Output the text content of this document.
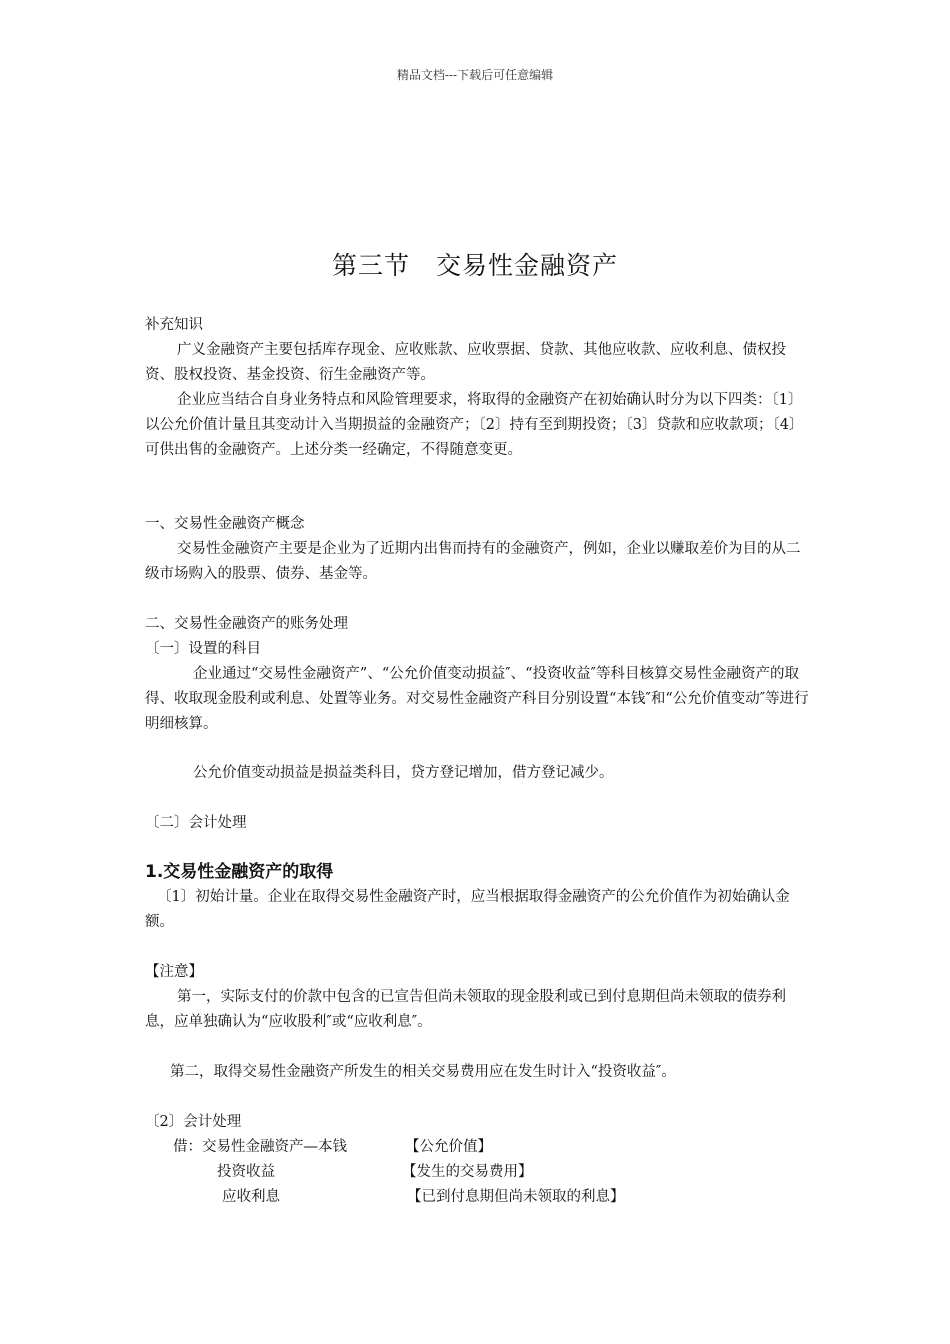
精品文档---下载后可任意编辑
第三节　交易性金融资产

补充知识

广义金融资产主要包括库存现金、应收账款、应收票据、贷款、其他应收款、应收利息、债权投资、股权投资、基金投资、衍生金融资产等。

企业应当结合自身业务特点和风险管理要求，将取得的金融资产在初始确认时分为以下四类：〔1〕以公允价值计量且其变动计入当期损益的金融资产；〔2〕持有至到期投资；〔3〕贷款和应收款项；〔4〕可供出售的金融资产。上述分类一经确定，不得随意变更。

一、交易性金融资产概念

交易性金融资产主要是企业为了近期内出售而持有的金融资产，例如，企业以赚取差价为目的从二级市场购入的股票、债券、基金等。

二、交易性金融资产的账务处理

〔一〕设置的科目

企业通过“交易性金融资产”、“公允价值变动损益″、“投资收益″等科目核算交易性金融资产的取得、收取现金股利或利息、处置等业务。对交易性金融资产科目分别设置“本钱″和“公允价值变动″等进行明细核算。

公允价值变动损益是损益类科目，贷方登记增加，借方登记减少。

〔二〕会计处理

1.交易性金融资产的取得

〔1〕初始计量。企业在取得交易性金融资产时，应当根据取得金融资产的公允价值作为初始确认金额。

【注意】

第一，实际支付的价款中包含的已宣告但尚未领取的现金股利或已到付息期但尚未领取的债券利息，应单独确认为“应收股利″或“应收利息″。

第二，取得交易性金融资产所发生的相关交易费用应在发生时计入“投资收益″。

〔2〕会计处理

借：交易性金融资产—本钱	【公允价值】
投资收益	【发生的交易费用】
应收利息	【已到付息期但尚未领取的利息】
